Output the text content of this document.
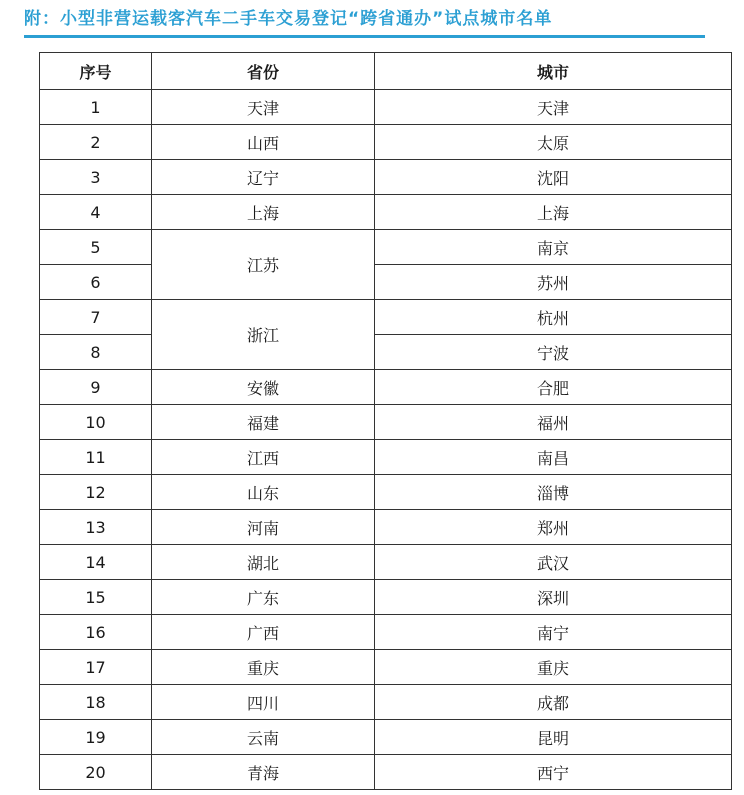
附：小型非营运载客汽车二手车交易登记“跨省通办”试点城市名单
序号	省份	城市
1	天津	天津
2	山西	太原
3	辽宁	沈阳
4	上海	上海
5	江苏	南京
6		苏州
7	浙江	杭州
8		宁波
9	安徽	合肥
10	福建	福州
11	江西	南昌
12	山东	淄博
13	河南	郑州
14	湖北	武汉
15	广东	深圳
16	广西	南宁
17	重庆	重庆
18	四川	成都
19	云南	昆明
20	青海	西宁
